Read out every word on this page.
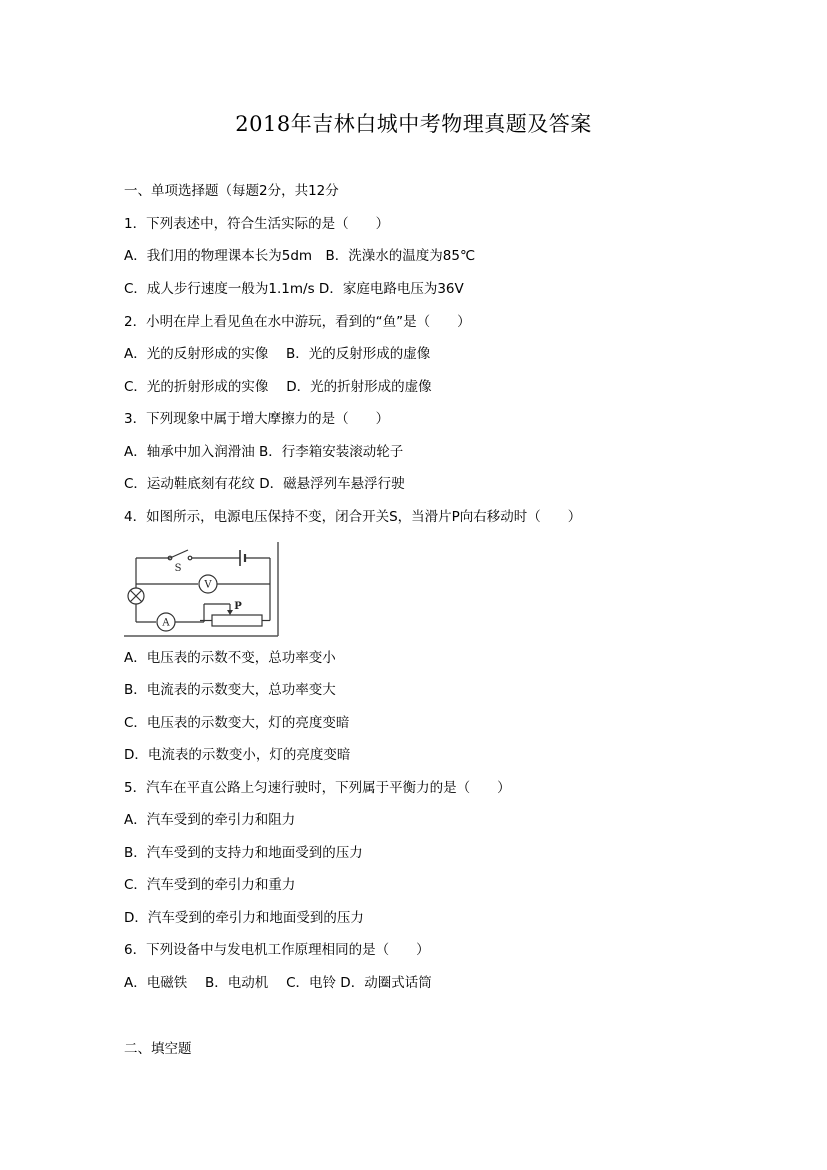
2018年吉林白城中考物理真题及答案
一、单项选择题（每题2分，共12分
1．下列表述中，符合生活实际的是（　　）
A．我们用的物理课本长为5dm　B．洗澡水的温度为85℃
C．成人步行速度一般为1.1m/s D．家庭电路电压为36V
2．小明在岸上看见鱼在水中游玩，看到的“鱼”是（　　）
A．光的反射形成的实像　 B．光的反射形成的虚像
C．光的折射形成的实像　 D．光的折射形成的虚像
3．下列现象中属于增大摩擦力的是（　　）
A．轴承中加入润滑油 B．行李箱安装滚动轮子
C．运动鞋底刻有花纹 D．磁悬浮列车悬浮行驶
4．如图所示，电源电压保持不变，闭合开关S，当滑片P向右移动时（　　）
S
V
A
P
A．电压表的示数不变，总功率变小
B．电流表的示数变大，总功率变大
C．电压表的示数变大，灯的亮度变暗
D．电流表的示数变小，灯的亮度变暗
5．汽车在平直公路上匀速行驶时，下列属于平衡力的是（　　）
A．汽车受到的牵引力和阻力
B．汽车受到的支持力和地面受到的压力
C．汽车受到的牵引力和重力
D．汽车受到的牵引力和地面受到的压力
6．下列设备中与发电机工作原理相同的是（　　）
A．电磁铁　 B．电动机　 C．电铃 D．动圈式话筒
二、填空题
